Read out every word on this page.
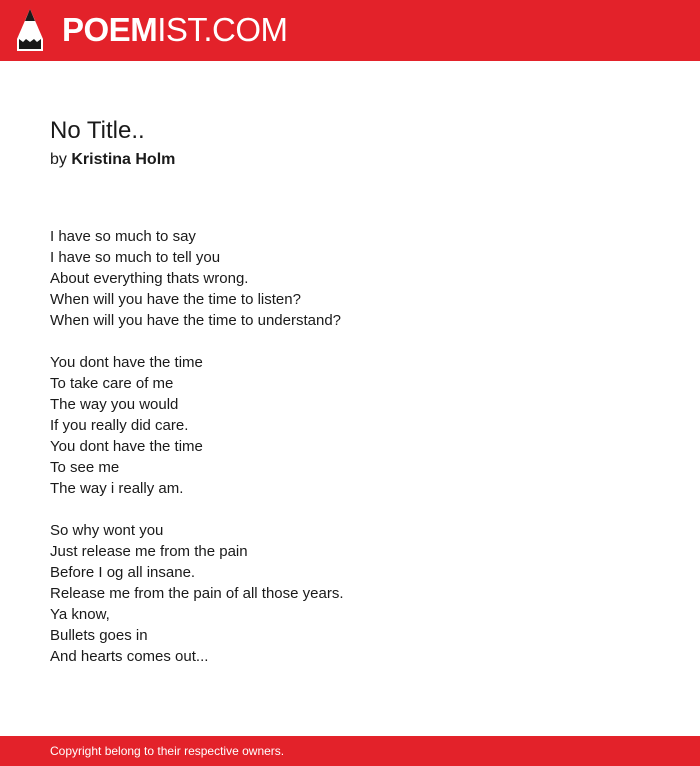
POEMIST.COM
No Title..
by Kristina Holm
I have so much to say
I have so much to tell you
About everything thats wrong.
When will you have the time to listen?
When will you have the time to understand?
You dont have the time
To take care of me
The way you would
If you really did care.
You dont have the time
To see me
The way i really am.
So why wont you
Just release me from the pain
Before I og all insane.
Release me from the pain of all those years.
Ya know,
Bullets goes in
And hearts comes out...
Copyright belong to their respective owners.
